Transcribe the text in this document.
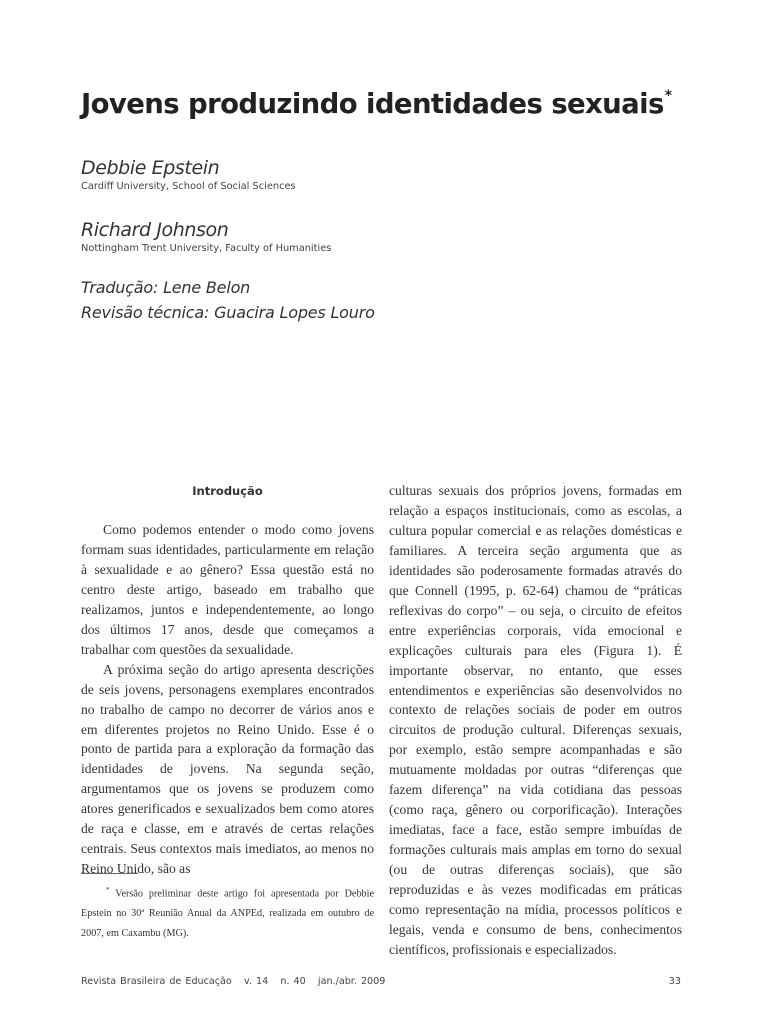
Jovens produzindo identidades sexuais*
Debbie Epstein
Cardiff University, School of Social Sciences
Richard Johnson
Nottingham Trent University, Faculty of Humanities
Tradução: Lene Belon
Revisão técnica: Guacira Lopes Louro
Introdução

Como podemos entender o modo como jovens formam suas identidades, particularmente em relação à sexualidade e ao gênero? Essa questão está no centro deste artigo, baseado em trabalho que realizamos, juntos e independentemente, ao longo dos últimos 17 anos, desde que começamos a trabalhar com questões da sexualidade.

A próxima seção do artigo apresenta descrições de seis jovens, personagens exemplares encontrados no trabalho de campo no decorrer de vários anos e em diferentes projetos no Reino Unido. Esse é o ponto de partida para a exploração da formação das identidades de jovens. Na segunda seção, argumentamos que os jovens se produzem como atores generificados e sexualizados bem como atores de raça e classe, em e através de certas relações centrais. Seus contextos mais imediatos, ao menos no Reino Unido, são as

culturas sexuais dos próprios jovens, formadas em relação a espaços institucionais, como as escolas, a cultura popular comercial e as relações domésticas e familiares. A terceira seção argumenta que as identidades são poderosamente formadas através do que Connell (1995, p. 62-64) chamou de “práticas reflexivas do corpo” – ou seja, o circuito de efeitos entre experiências corporais, vida emocional e explicações culturais para eles (Figura 1). É importante observar, no entanto, que esses entendimentos e experiências são desenvolvidos no contexto de relações sociais de poder em outros circuitos de produção cultural. Diferenças sexuais, por exemplo, estão sempre acompanhadas e são mutuamente moldadas por outras “diferenças que fazem diferença” na vida cotidiana das pessoas (como raça, gênero ou corporificação). Interações imediatas, face a face, estão sempre imbuídas de formações culturais mais amplas em torno do sexual (ou de outras diferenças sociais), que são reproduzidas e às vezes modificadas em práticas como representação na mídia, processos políticos e legais, venda e consumo de bens, conhecimentos científicos, profissionais e especializados.

* Versão preliminar deste artigo foi apresentada por Debbie Epstein no 30ª Reunião Anual da ANPEd, realizada em outubro de 2007, em Caxambu (MG).

Revista Brasileira de Educação v. 14 n. 40 jan./abr. 2009	33
